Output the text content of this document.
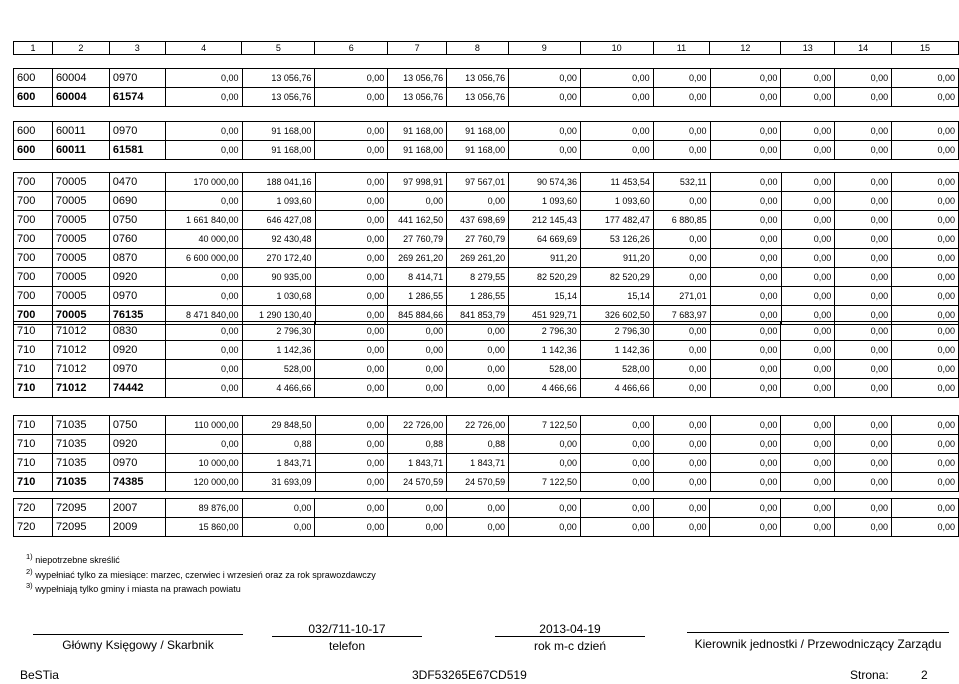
1	2	3	4	5	6	7	8	9	10	11	12	13	14	15
600	60004	0970	0,00	13 056,76	0,00	13 056,76	13 056,76	0,00	0,00	0,00	0,00	0,00	0,00	0,00
600	60004	61574	0,00	13 056,76	0,00	13 056,76	13 056,76	0,00	0,00	0,00	0,00	0,00	0,00	0,00
600	60011	0970	0,00	91 168,00	0,00	91 168,00	91 168,00	0,00	0,00	0,00	0,00	0,00	0,00	0,00
600	60011	61581	0,00	91 168,00	0,00	91 168,00	91 168,00	0,00	0,00	0,00	0,00	0,00	0,00	0,00
700	70005	0470	170 000,00	188 041,16	0,00	97 998,91	97 567,01	90 574,36	11 453,54	532,11	0,00	0,00	0,00	0,00
700	70005	0690	0,00	1 093,60	0,00	0,00	0,00	1 093,60	1 093,60	0,00	0,00	0,00	0,00	0,00
700	70005	0750	1 661 840,00	646 427,08	0,00	441 162,50	437 698,69	212 145,43	177 482,47	6 880,85	0,00	0,00	0,00	0,00
700	70005	0760	40 000,00	92 430,48	0,00	27 760,79	27 760,79	64 669,69	53 126,26	0,00	0,00	0,00	0,00	0,00
700	70005	0870	6 600 000,00	270 172,40	0,00	269 261,20	269 261,20	911,20	911,20	0,00	0,00	0,00	0,00	0,00
700	70005	0920	0,00	90 935,00	0,00	8 414,71	8 279,55	82 520,29	82 520,29	0,00	0,00	0,00	0,00	0,00
700	70005	0970	0,00	1 030,68	0,00	1 286,55	1 286,55	15,14	15,14	271,01	0,00	0,00	0,00	0,00
700	70005	76135	8 471 840,00	1 290 130,40	0,00	845 884,66	841 853,79	451 929,71	326 602,50	7 683,97	0,00	0,00	0,00	0,00
710	71012	0830	0,00	2 796,30	0,00	0,00	0,00	2 796,30	2 796,30	0,00	0,00	0,00	0,00	0,00
710	71012	0920	0,00	1 142,36	0,00	0,00	0,00	1 142,36	1 142,36	0,00	0,00	0,00	0,00	0,00
710	71012	0970	0,00	528,00	0,00	0,00	0,00	528,00	528,00	0,00	0,00	0,00	0,00	0,00
710	71012	74442	0,00	4 466,66	0,00	0,00	0,00	4 466,66	4 466,66	0,00	0,00	0,00	0,00	0,00
710	71035	0750	110 000,00	29 848,50	0,00	22 726,00	22 726,00	7 122,50	0,00	0,00	0,00	0,00	0,00	0,00
710	71035	0920	0,00	0,88	0,00	0,88	0,88	0,00	0,00	0,00	0,00	0,00	0,00	0,00
710	71035	0970	10 000,00	1 843,71	0,00	1 843,71	1 843,71	0,00	0,00	0,00	0,00	0,00	0,00	0,00
710	71035	74385	120 000,00	31 693,09	0,00	24 570,59	24 570,59	7 122,50	0,00	0,00	0,00	0,00	0,00	0,00
720	72095	2007	89 876,00	0,00	0,00	0,00	0,00	0,00	0,00	0,00	0,00	0,00	0,00	0,00
720	72095	2009	15 860,00	0,00	0,00	0,00	0,00	0,00	0,00	0,00	0,00	0,00	0,00	0,00
$^{1)}$ niepotrzebne skreślić
$^{2)}$ wypełniać tylko za miesiące: marzec, czerwiec i wrzesień oraz za rok sprawozdawczy
$^{3)}$ wypełniają tylko gminy i miasta na prawach powiatu
Główny Księgowy / Skarbnik
032/711-10-17
telefon
2013-04-19
rok m-c dzień	Kierownik jednostki / Przewodniczący Zarządu
BeSTia	3DF53265E67CD519	Strona:	2
